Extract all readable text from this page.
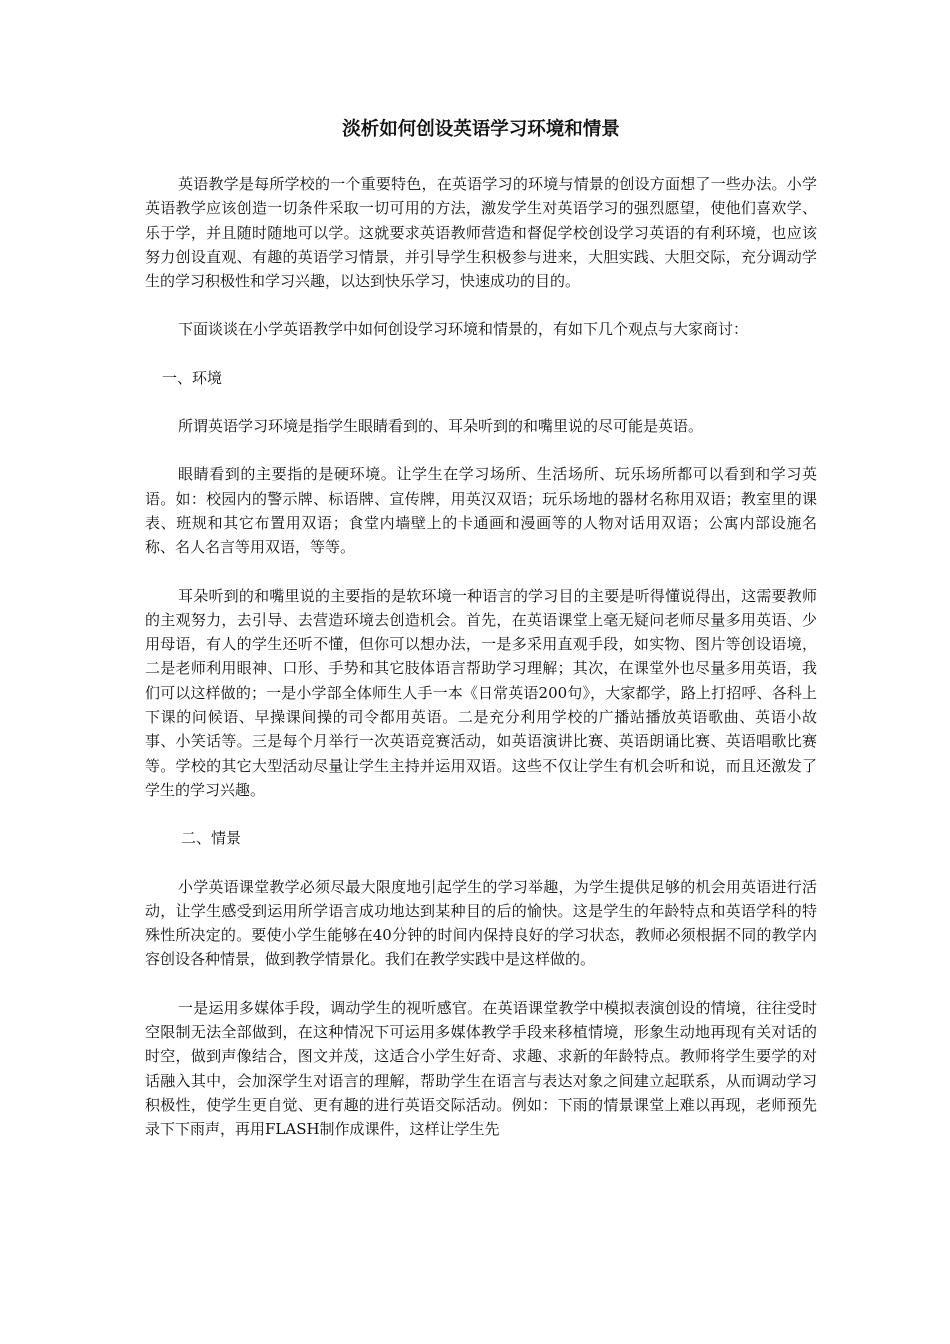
淡析如何创设英语学习环境和情景

英语教学是每所学校的一个重要特色，在英语学习的环境与情景的创设方面想了一些办法。小学英语教学应该创造一切条件采取一切可用的方法，激发学生对英语学习的强烈愿望，使他们喜欢学、乐于学，并且随时随地可以学。这就要求英语教师营造和督促学校创设学习英语的有利环境，也应该努力创设直观、有趣的英语学习情景，并引导学生积极参与进来，大胆实践、大胆交际，充分调动学生的学习积极性和学习兴趣，以达到快乐学习，快速成功的目的。

下面谈谈在小学英语教学中如何创设学习环境和情景的，有如下几个观点与大家商讨：

一、环境

所谓英语学习环境是指学生眼睛看到的、耳朵听到的和嘴里说的尽可能是英语。

眼睛看到的主要指的是硬环境。让学生在学习场所、生活场所、玩乐场所都可以看到和学习英语。如：校园内的警示牌、标语牌、宣传牌，用英汉双语；玩乐场地的器材名称用双语；教室里的课表、班规和其它布置用双语；食堂内墙壁上的卡通画和漫画等的人物对话用双语；公寓内部设施名称、名人名言等用双语，等等。

耳朵听到的和嘴里说的主要指的是软环境一种语言的学习目的主要是听得懂说得出，这需要教师的主观努力，去引导、去营造环境去创造机会。首先，在英语课堂上毫无疑问老师尽量多用英语、少用母语，有人的学生还听不懂，但你可以想办法，一是多采用直观手段，如实物、图片等创设语境，二是老师利用眼神、口形、手势和其它肢体语言帮助学习理解；其次，在课堂外也尽量多用英语，我们可以这样做的；一是小学部全体师生人手一本《日常英语200句》，大家都学，路上打招呼、各科上下课的问候语、早操课间操的司令都用英语。二是充分利用学校的广播站播放英语歌曲、英语小故事、小笑话等。三是每个月举行一次英语竞赛活动，如英语演讲比赛、英语朗诵比赛、英语唱歌比赛等。学校的其它大型活动尽量让学生主持并运用双语。这些不仅让学生有机会听和说，而且还激发了学生的学习兴趣。

二、情景

小学英语课堂教学必须尽最大限度地引起学生的学习举趣，为学生提供足够的机会用英语进行活动，让学生感受到运用所学语言成功地达到某种目的后的愉快。这是学生的年龄特点和英语学科的特殊性所决定的。要使小学生能够在40分钟的时间内保持良好的学习状态，教师必须根据不同的教学内容创设各种情景，做到教学情景化。我们在教学实践中是这样做的。

一是运用多媒体手段，调动学生的视听感官。在英语课堂教学中模拟表演创设的情境，往往受时空限制无法全部做到，在这种情况下可运用多媒体教学手段来移植情境，形象生动地再现有关对话的时空，做到声像结合，图文并茂，这适合小学生好奇、求趣、求新的年龄特点。教师将学生要学的对话融入其中，会加深学生对语言的理解，帮助学生在语言与表达对象之间建立起联系，从而调动学习积极性，使学生更自觉、更有趣的进行英语交际活动。例如：下雨的情景课堂上难以再现，老师预先录下下雨声，再用FLASH制作成课件，这样让学生先
